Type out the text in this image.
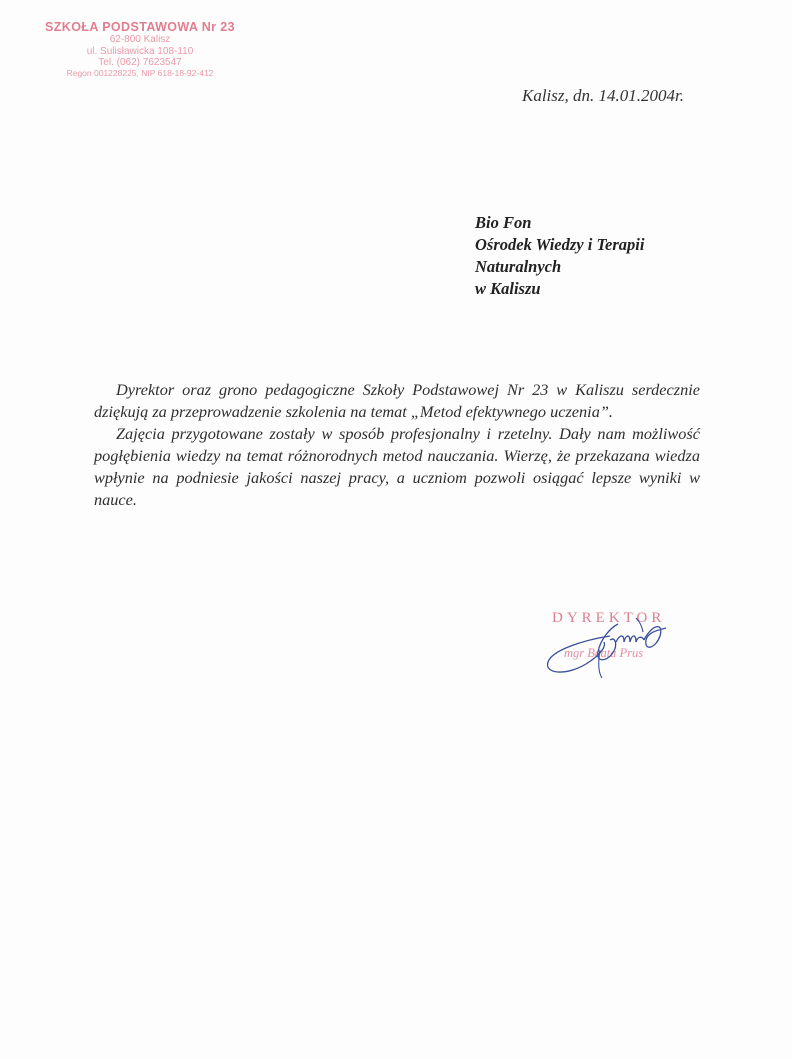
SZKOŁA PODSTAWOWA Nr 23
62-800 Kalisz
ul. Sulisławicka 108-110
Tel. (062) 7623547
Regon 001228225, NIP 618-18-92-412
Kalisz, dn. 14.01.2004r.
Bio Fon
Ośrodek Wiedzy i Terapii
Naturalnych
w Kaliszu

Dyrektor oraz grono pedagogiczne Szkoły Podstawowej Nr 23 w Kaliszu serdecznie dziękują za przeprowadzenie szkolenia na temat „Metod efektywnego uczenia”.

Zajęcia przygotowane zostały w sposób profesjonalny i rzetelny. Dały nam możliwość pogłębienia wiedzy na temat różnorodnych metod nauczania. Wierzę, że przekazana wiedza wpłynie na podniesie jakości naszej pracy, a uczniom pozwoli osiągać lepsze wyniki w nauce.

DYREKTOR
mgr Beata Prus
